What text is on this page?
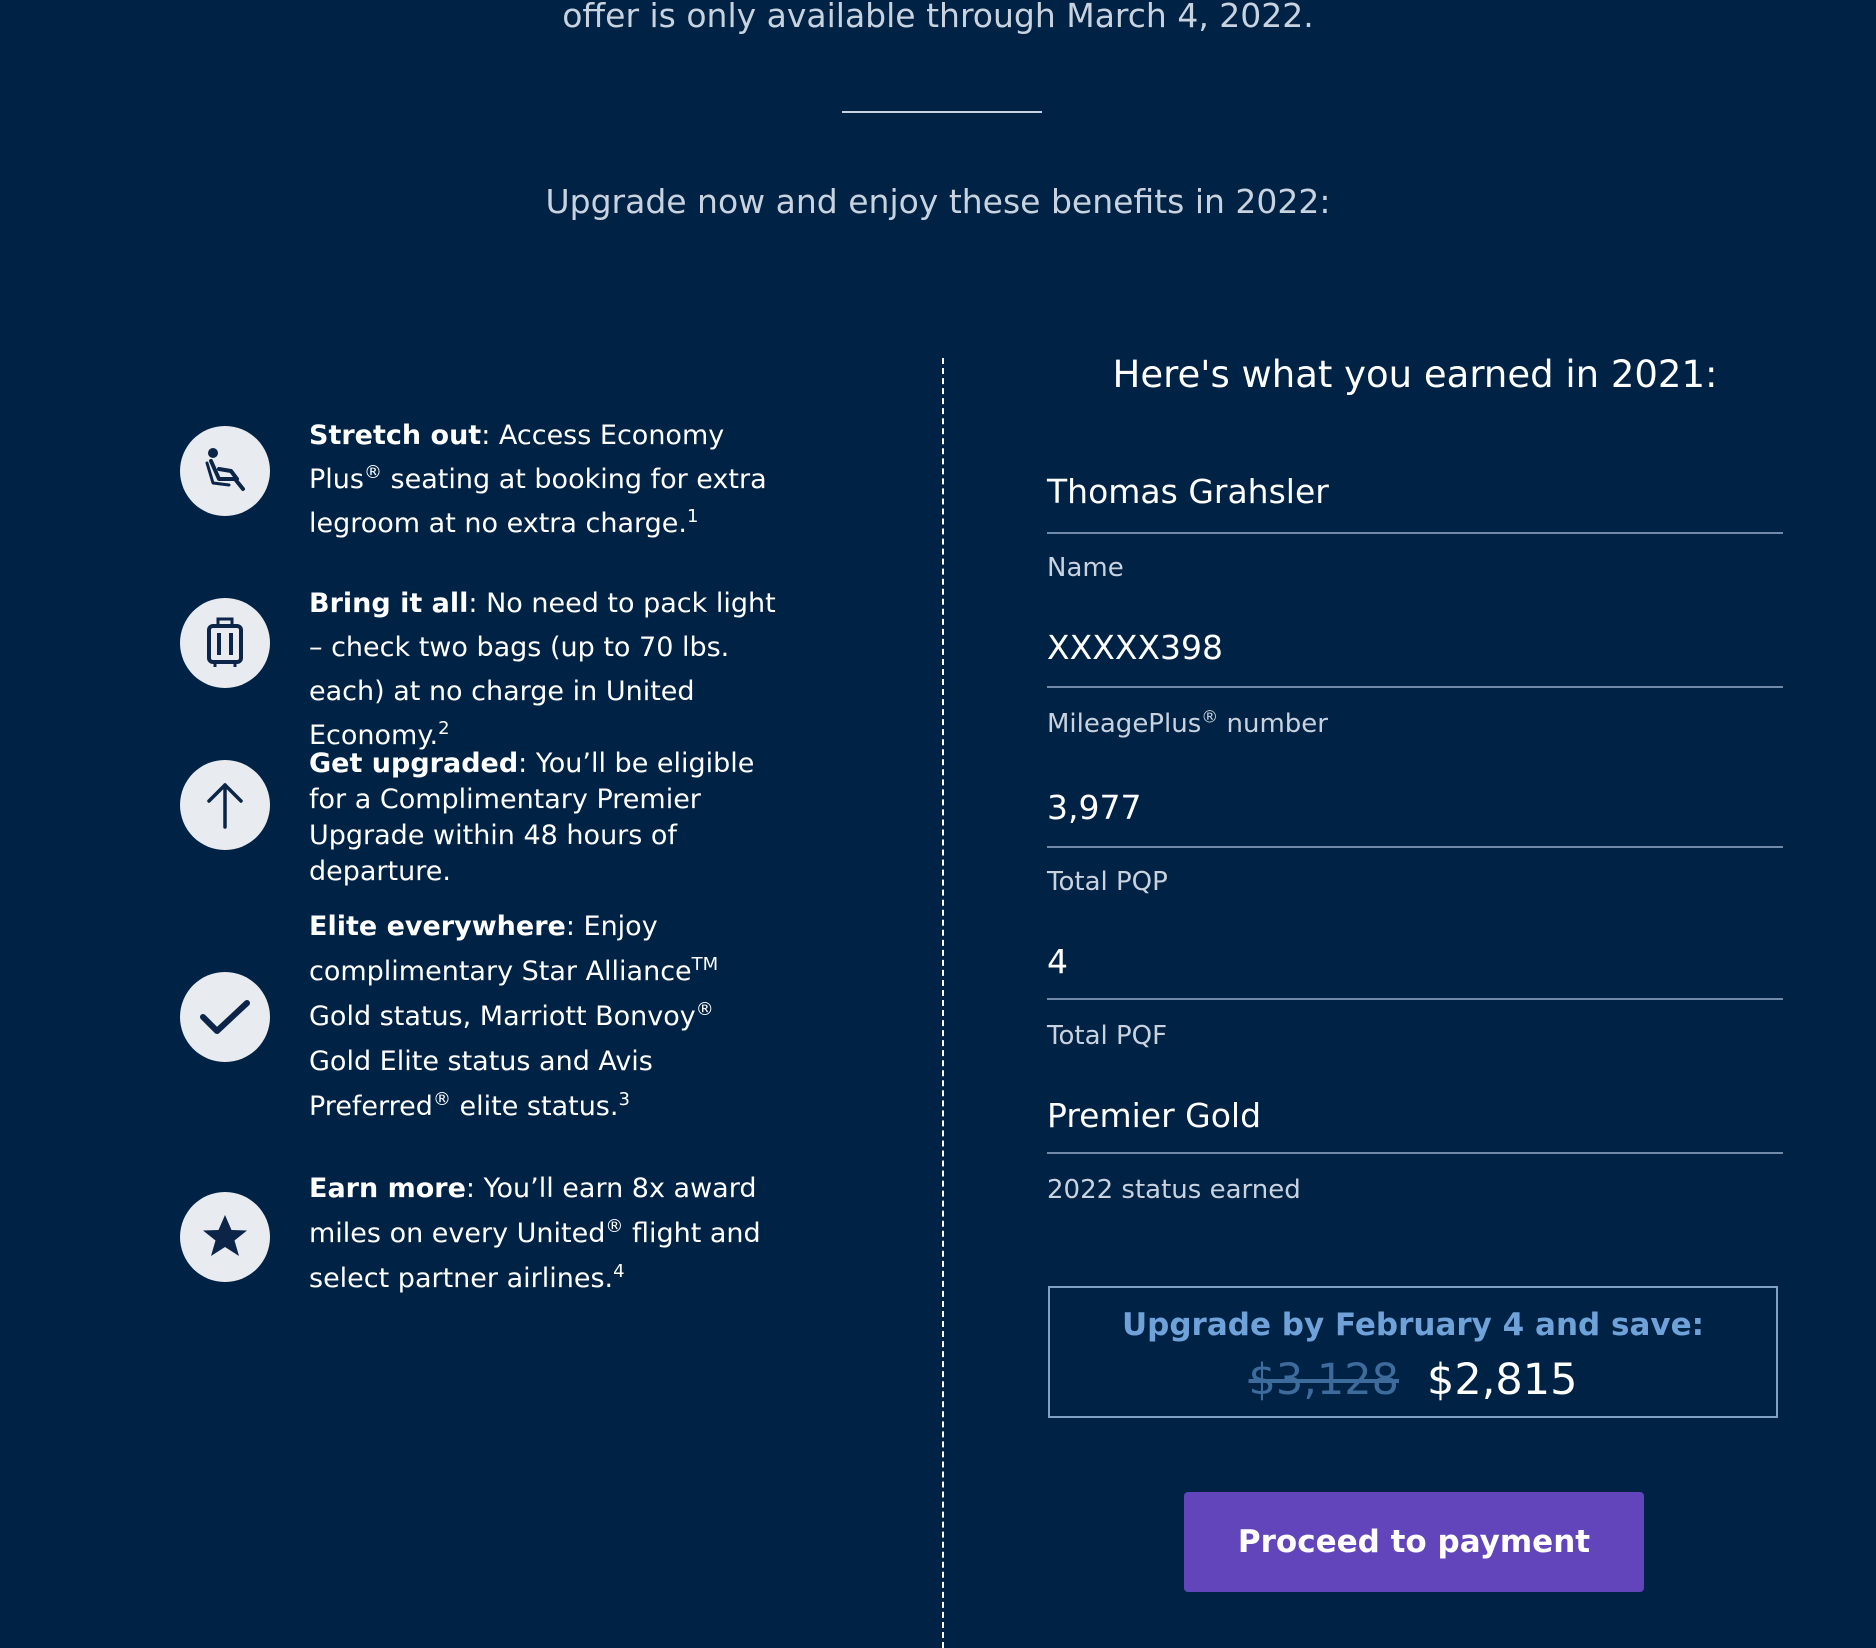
offer is only available through March 4, 2022.
Upgrade now and enjoy these benefits in 2022:
Stretch out: Access Economy Plus® seating at booking for extra legroom at no extra charge.$^1$
Bring it all: No need to pack light – check two bags (up to 70 lbs. each) at no charge in United Economy.$^2$
Get upgraded: You’ll be eligible for a Complimentary Premier Upgrade within 48 hours of departure.
Elite everywhere: Enjoy complimentary Star Alliance™ Gold status, Marriott Bonvoy® Gold Elite status and Avis Preferred® elite status.$^3$
Earn more: You’ll earn 8x award miles on every United® flight and select partner airlines.$^4$
Here's what you earned in 2021:
Thomas Grahsler
Name
XXXXX398
MileagePlus® number
3,977
Total PQP
4
Total PQF
Premier Gold
2022 status earned
Upgrade by February 4 and save:
$3,128 $2,815
Proceed to payment
